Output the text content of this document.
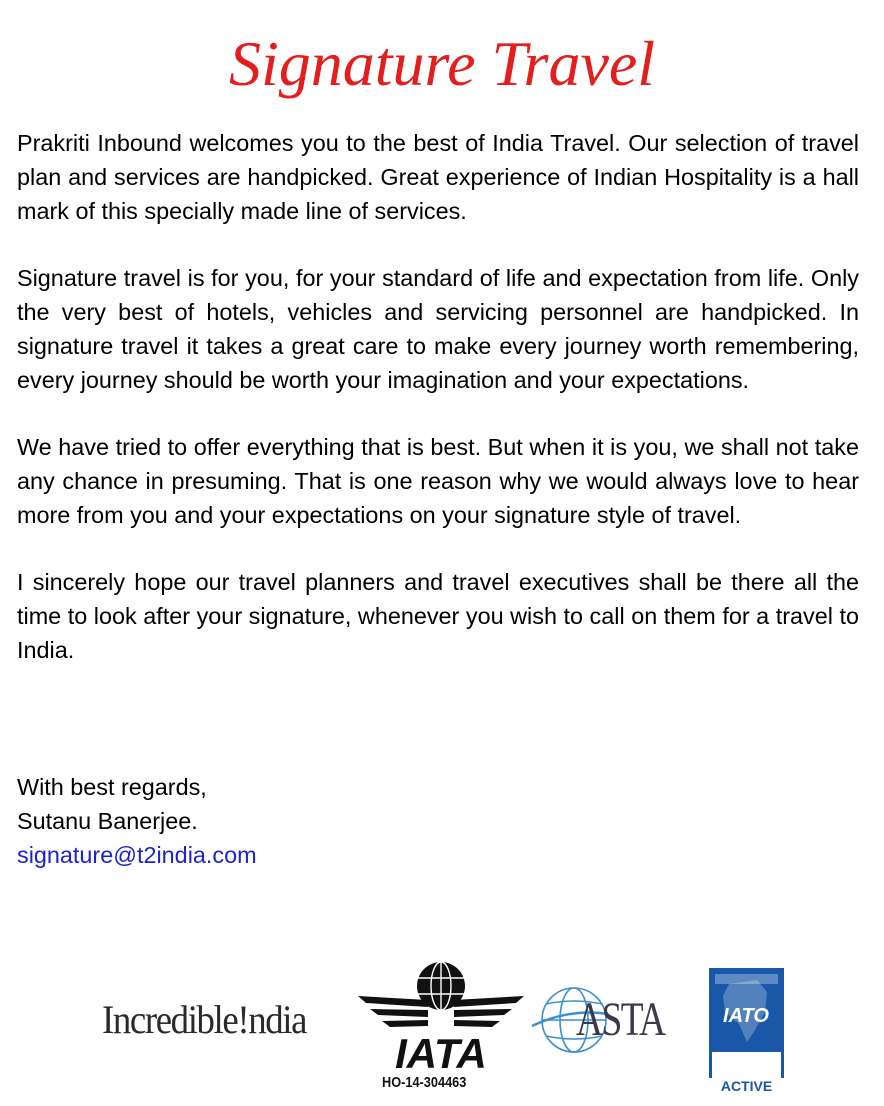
Signature Travel

Prakriti Inbound welcomes you to the best of India Travel. Our selection of travel plan and services are handpicked. Great experience of Indian Hospitality is a hall mark of this specially made line of services.

Signature travel is for you, for your standard of life and expectation from life. Only the very best of hotels, vehicles and servicing personnel are handpicked. In signature travel it takes a great care to make every journey worth remembering, every journey should be worth your imagination and your expectations.

We have tried to offer everything that is best. But when it is you, we shall not take any chance in presuming. That is one reason why we would always love to hear more from you and your expectations on your signature style of travel.

I sincerely hope our travel planners and travel executives shall be there all the time to look after your signature, whenever you wish to call on them for a travel to India.

With best regards,
Sutanu Banerjee.
signature@t2india.com
Incredible!ndia
IATA
HO-14-304463
ASTA	IATO
ACTIVE
